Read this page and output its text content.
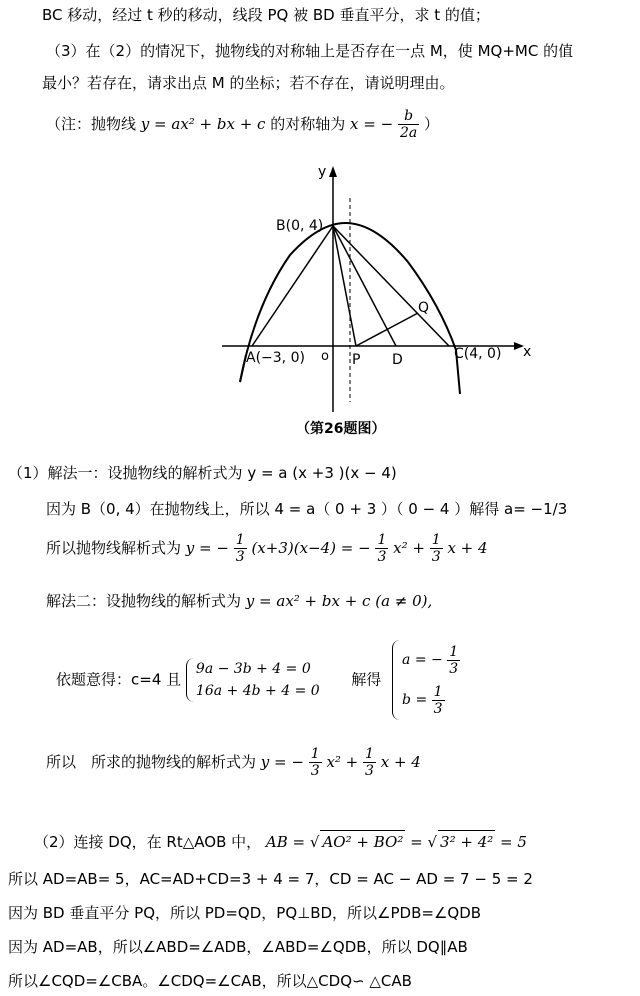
BC 移动，经过 t 秒的移动，线段 PQ 被 BD 垂直平分，求 t 的值；
（3）在（2）的情况下，抛物线的对称轴上是否存在一点 M，使 MQ+MC 的值
最小？若存在，请求出点 M 的坐标；若不存在，请说明理由。
（注：抛物线 y = ax² + bx + c 的对称轴为 x = − $\frac{b}{2a}$ ）
y
x
o
B(0, 4)
A(−3, 0)	C(4, 0)
P D
Q
（第26题图）
（1）解法一：设抛物线的解析式为 y = a (x +3 )(x − 4)
因为 B（0, 4）在抛物线上，所以 4 = a（ 0 + 3 ）（ 0 − 4 ）解得 a= −1/3
所以抛物线解析式为 y = − $\frac{1}{3} (x+3)(x-4)$ = − $\frac{1}{3} x^2 + \frac{1}{3}$ x + 4
解法二：设抛物线的解析式为 y = ax² + bx + c (a ≠ 0),
依题意得：c=4 且
9a − 3b + 4 = 0
16a + 4b + 4 = 0
解得
a = − $\frac{1}{3}$
$b = \frac{1}{3}$
所以　所求的抛物线的解析式为 y = − $\frac{1}{3} x^2 + \frac{1}{3}$ x + 4
（2）连接 DQ，在 Rt△AOB 中， AB = √ AO² + BO² = √ 3² + 4² = 5
所以 AD=AB= 5，AC=AD+CD=3 + 4 = 7，CD = AC − AD = 7 − 5 = 2
因为 BD 垂直平分 PQ，所以 PD=QD，PQ⊥BD，所以∠PDB=∠QDB
因为 AD=AB，所以∠ABD=∠ADB，∠ABD=∠QDB，所以 DQ∥AB
所以∠CQD=∠CBA。∠CDQ=∠CAB，所以△CDQ∽ △CAB
